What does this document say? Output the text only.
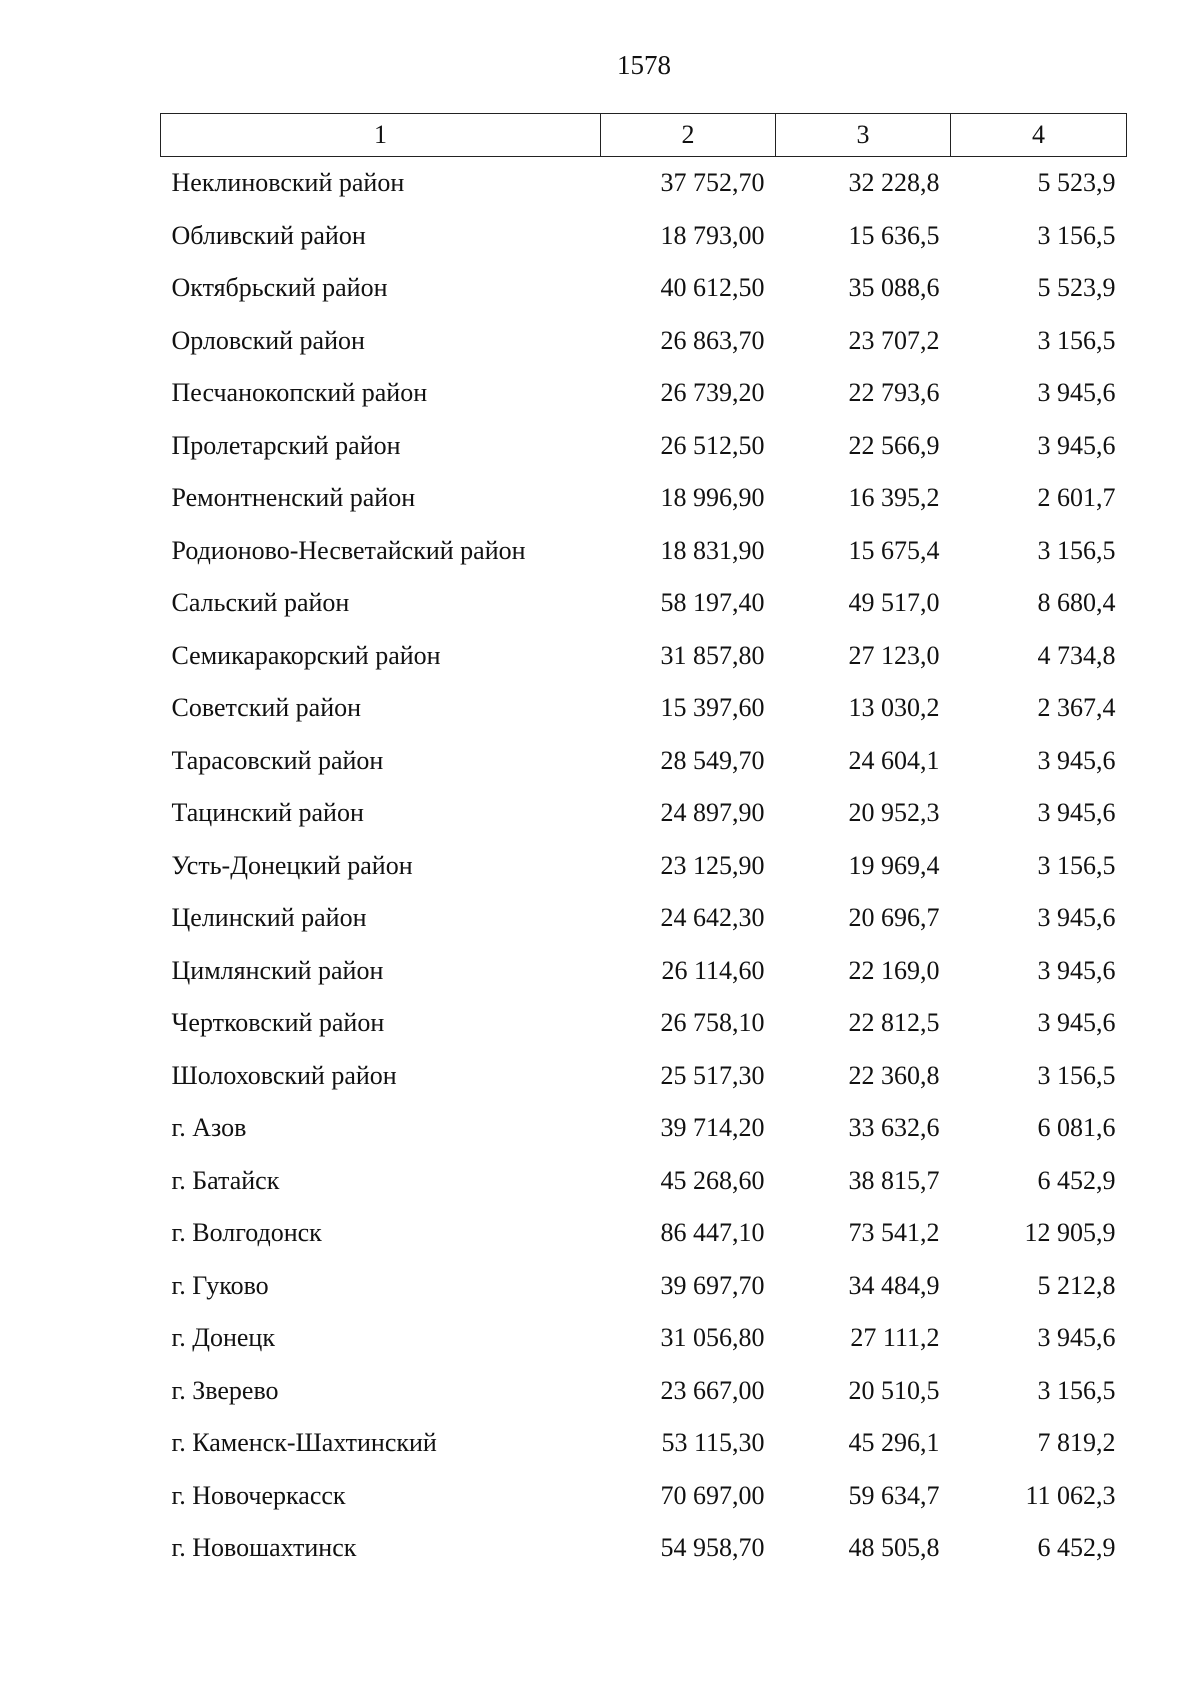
1578
1	2	3	4
Неклиновский район	37 752,70	32 228,8	5 523,9
Обливский район	18 793,00	15 636,5	3 156,5
Октябрьский район	40 612,50	35 088,6	5 523,9
Орловский район	26 863,70	23 707,2	3 156,5
Песчанокопский район	26 739,20	22 793,6	3 945,6
Пролетарский район	26 512,50	22 566,9	3 945,6
Ремонтненский район	18 996,90	16 395,2	2 601,7
Родионово-Несветайский район	18 831,90	15 675,4	3 156,5
Сальский район	58 197,40	49 517,0	8 680,4
Семикаракорский район	31 857,80	27 123,0	4 734,8
Советский район	15 397,60	13 030,2	2 367,4
Тарасовский район	28 549,70	24 604,1	3 945,6
Тацинский район	24 897,90	20 952,3	3 945,6
Усть-Донецкий район	23 125,90	19 969,4	3 156,5
Целинский район	24 642,30	20 696,7	3 945,6
Цимлянский район	26 114,60	22 169,0	3 945,6
Чертковский район	26 758,10	22 812,5	3 945,6
Шолоховский район	25 517,30	22 360,8	3 156,5
г. Азов	39 714,20	33 632,6	6 081,6
г. Батайск	45 268,60	38 815,7	6 452,9
г. Волгодонск	86 447,10	73 541,2	12 905,9
г. Гуково	39 697,70	34 484,9	5 212,8
г. Донецк	31 056,80	27 111,2	3 945,6
г. Зверево	23 667,00	20 510,5	3 156,5
г. Каменск-Шахтинский	53 115,30	45 296,1	7 819,2
г. Новочеркасск	70 697,00	59 634,7	11 062,3
г. Новошахтинск	54 958,70	48 505,8	6 452,9
